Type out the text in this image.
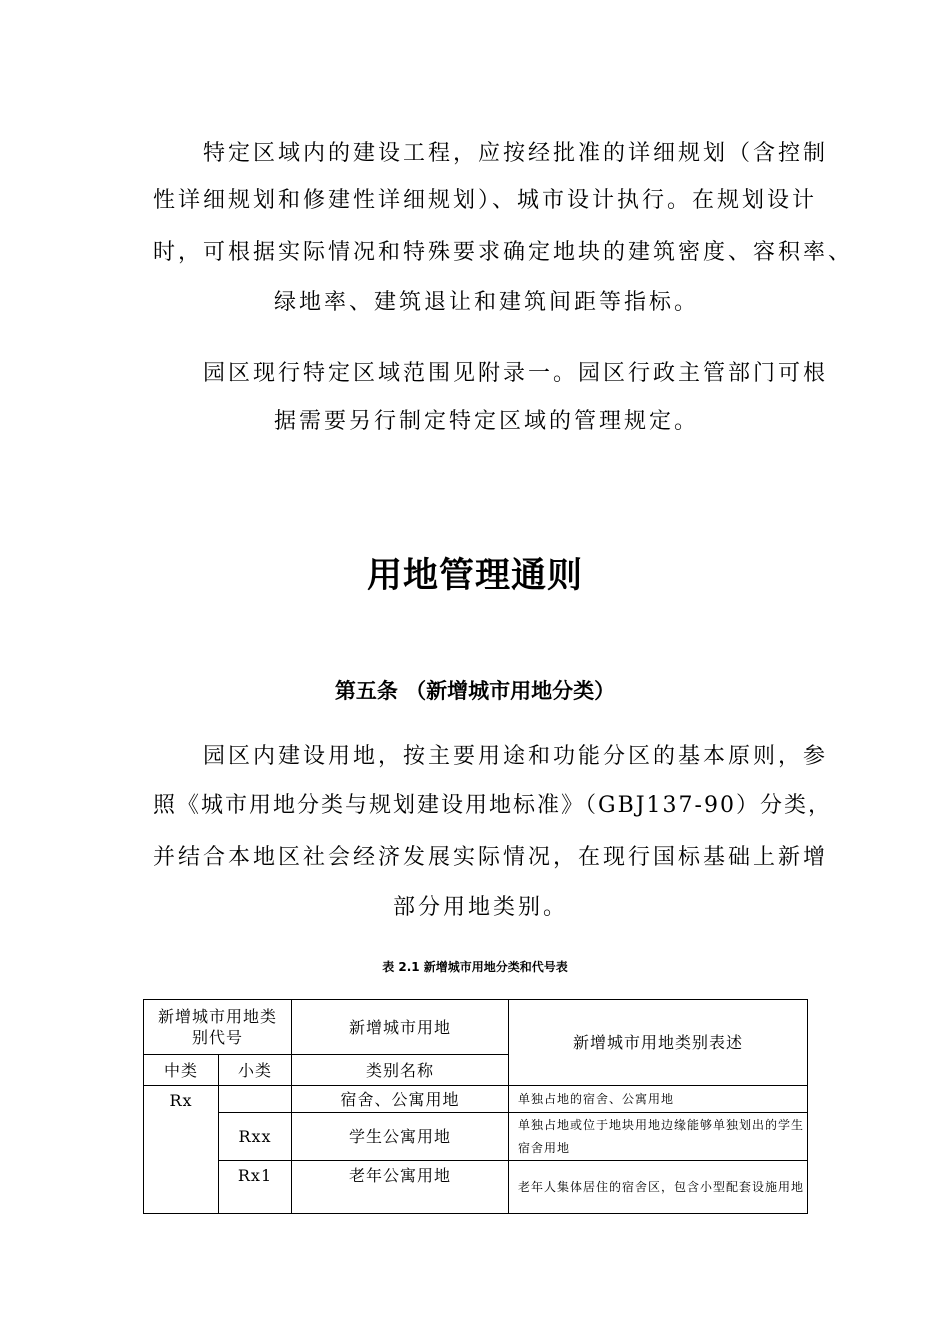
特定区域内的建设工程，应按经批准的详细规划（含控制
性详细规划和修建性详细规划）、城市设计执行。在规划设计
时，可根据实际情况和特殊要求确定地块的建筑密度、容积率、
绿地率、建筑退让和建筑间距等指标。
园区现行特定区域范围见附录一。园区行政主管部门可根
据需要另行制定特定区域的管理规定。
用地管理通则
第五条 （新增城市用地分类）
园区内建设用地，按主要用途和功能分区的基本原则，参
照《城市用地分类与规划建设用地标准》（GBJ137-90）分类，
并结合本地区社会经济发展实际情况，在现行国标基础上新增
部分用地类别。
表 2.1 新增城市用地分类和代号表
新增城市用地类别代号		新增城市用地	新增城市用地类别表述
中类	小类	类别名称	
Rx		宿舍、公寓用地	单独占地的宿舍、公寓用地
	Rxx	学生公寓用地	单独占地或位于地块用地边缘能够单独划出的学生宿舍用地
	Rx1	老年公寓用地	老年人集体居住的宿舍区，包含小型配套设施用地
